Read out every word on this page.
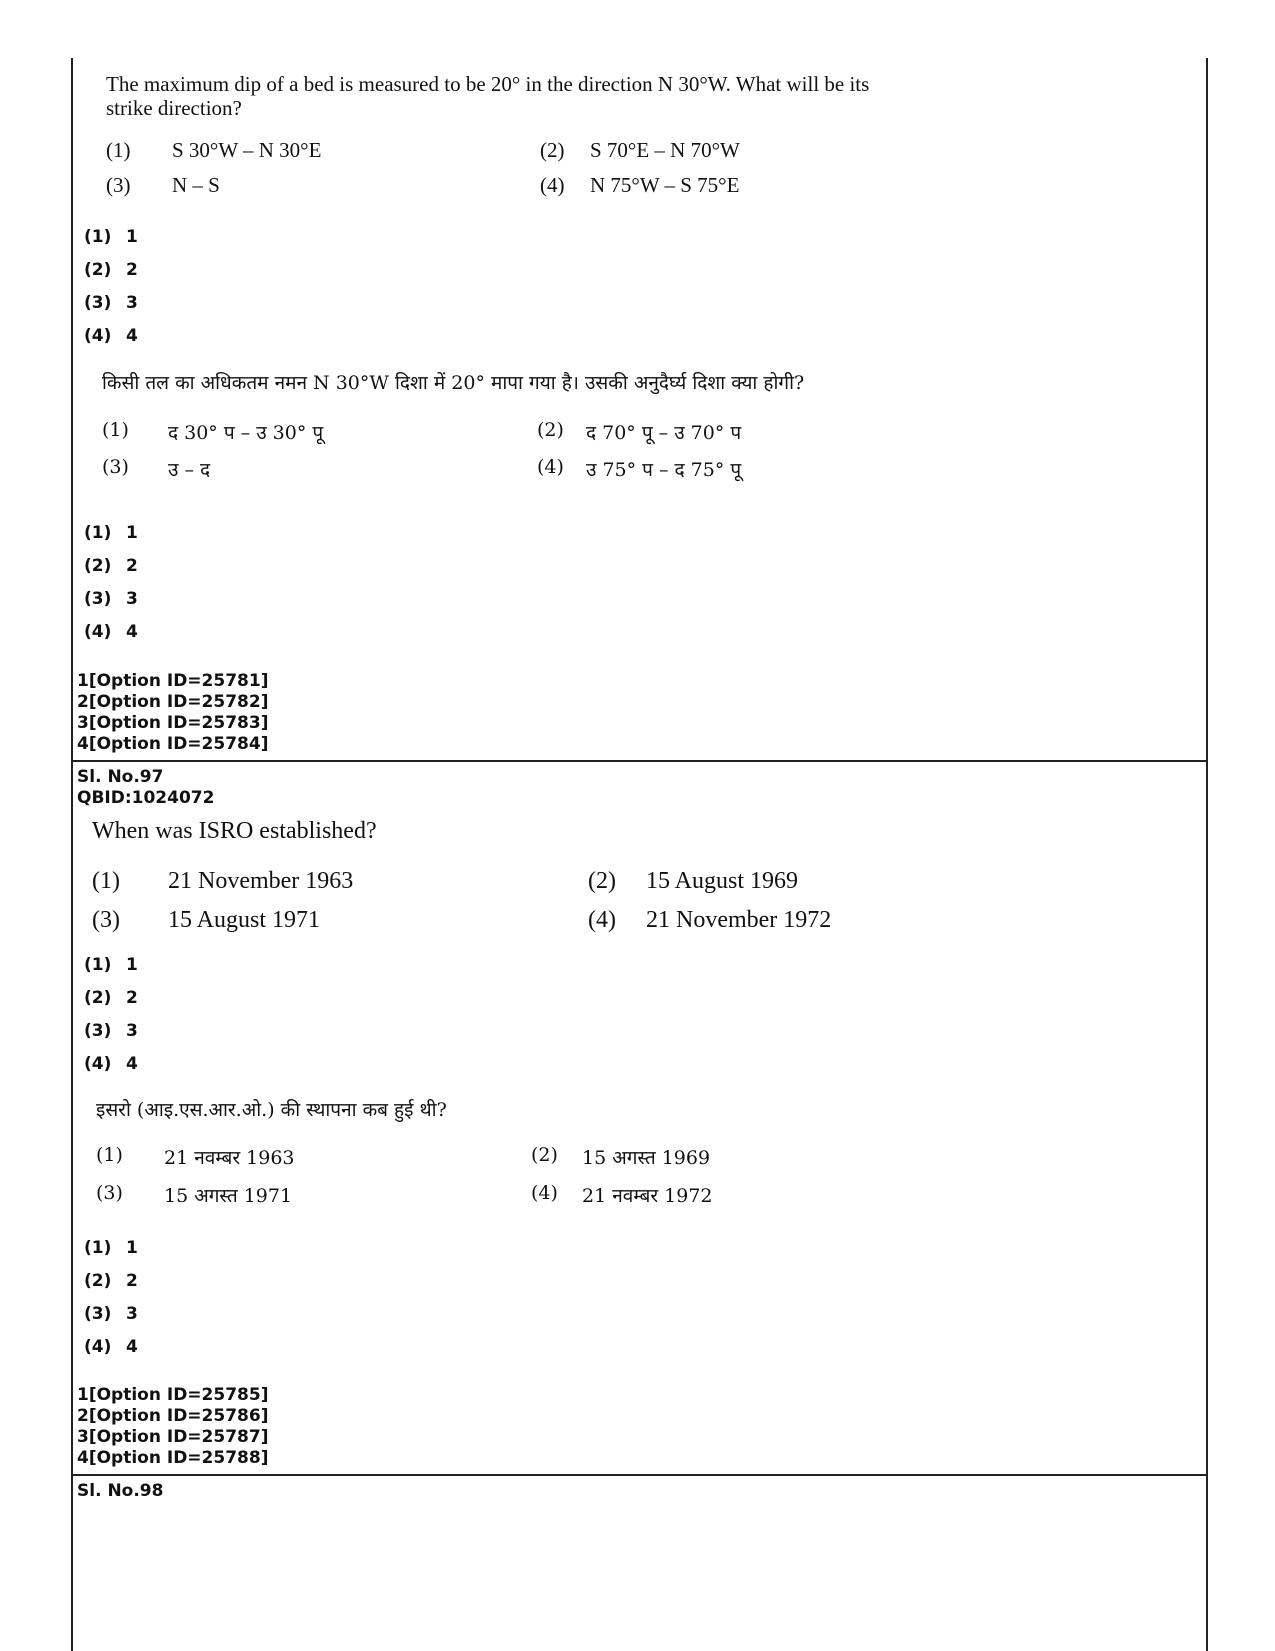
The maximum dip of a bed is measured to be 20° in the direction N 30°W. What will be its
strike direction?
(1) S 30°W – N 30°E	(2) S 70°E – N 70°W
(3) N – S	(4) N 75°W – S 75°E
(1) 1
(2) 2
(3) 3
(4) 4
किसी तल का अधिकतम नमन N 30°W दिशा में 20° मापा गया है। उसकी अनुदैर्घ्य दिशा क्या होगी?
(1) द 30° प – उ 30° पू	(2) द 70° पू – उ 70° प
(3) उ – द	(4) उ 75° प – द 75° पू
(1) 1
(2) 2
(3) 3
(4) 4
1[Option ID=25781]
2[Option ID=25782]
3[Option ID=25783]
4[Option ID=25784]
Sl. No.97
QBID:1024072
When was ISRO established?
(1) 21 November 1963	(2) 15 August 1969
(3) 15 August 1971	(4) 21 November 1972
(1) 1
(2) 2
(3) 3
(4) 4
इसरो (आइ.एस.आर.ओ.) की स्थापना कब हुई थी?
(1) 21 नवम्बर 1963	(2) 15 अगस्त 1969
(3) 15 अगस्त 1971	(4) 21 नवम्बर 1972
(1) 1
(2) 2
(3) 3
(4) 4
1[Option ID=25785]
2[Option ID=25786]
3[Option ID=25787]
4[Option ID=25788]
Sl. No.98
